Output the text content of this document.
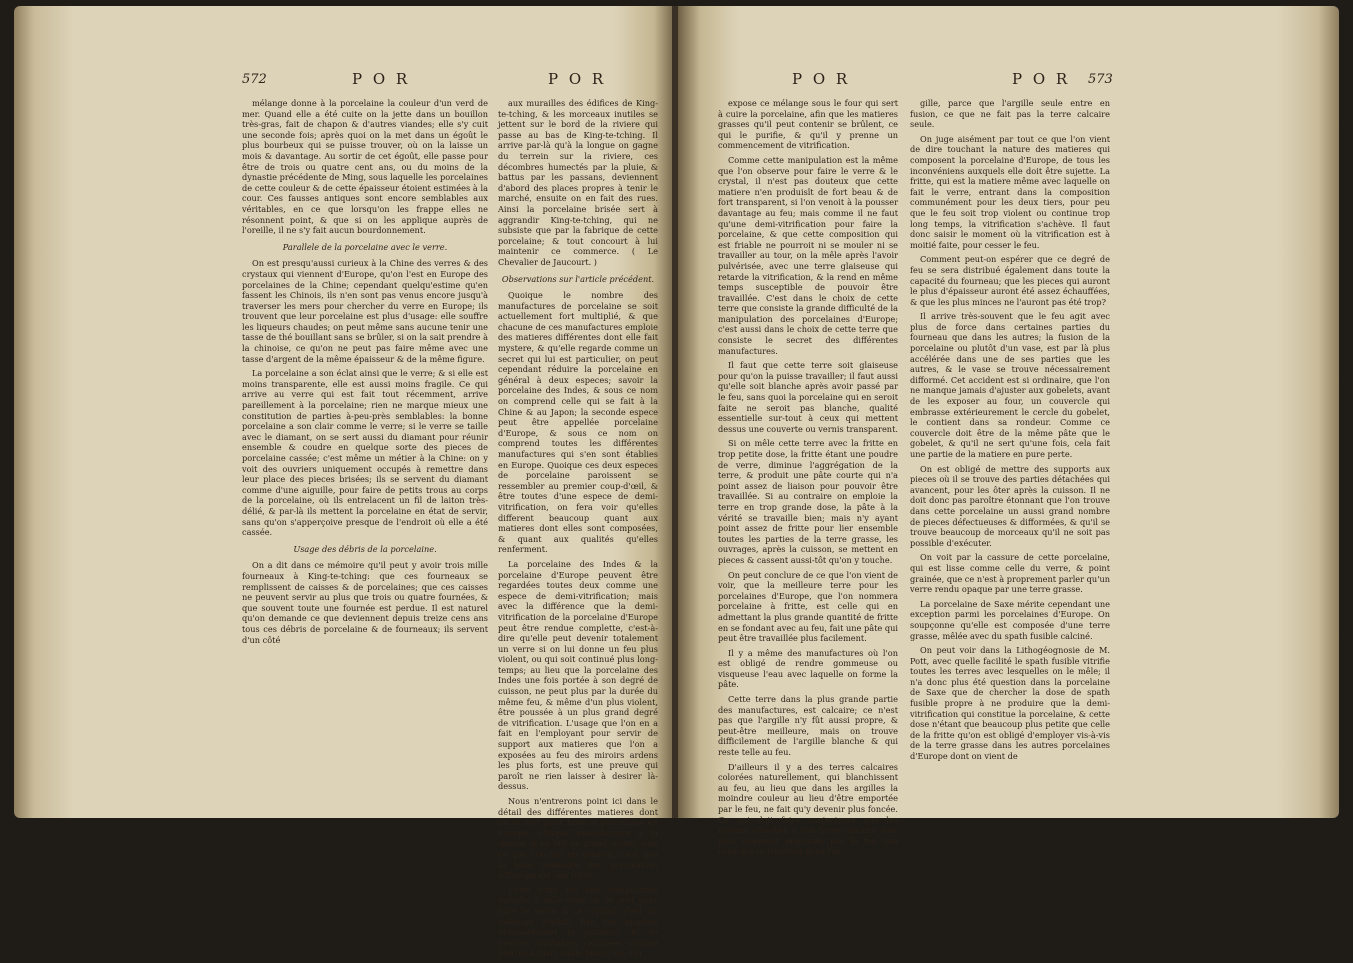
572	P O R	P O R

mélange donne à la porcelaine la couleur d'un verd de mer. Quand elle a été cuite on la jette dans un bouillon très-gras, fait de chapon & d'autres viandes; elle s'y cuit une seconde fois; après quoi on la met dans un égoût le plus bourbeux qui se puisse trouver, où on la laisse un mois & davantage. Au sortir de cet égoût, elle passe pour être de trois ou quatre cent ans, ou du moins de la dynastie précédente de Ming, sous laquelle les porcelaines de cette couleur & de cette épaisseur étoient estimées à la cour. Ces fausses antiques sont encore semblables aux véritables, en ce que lorsqu'on les frappe elles ne résonnent point, & que si on les applique auprès de l'oreille, il ne s'y fait aucun bourdonnement.

Parallele de la porcelaine avec le verre.

On est presqu'aussi curieux à la Chine des verres & des crystaux qui viennent d'Europe, qu'on l'est en Europe des porcelaines de la Chine; cependant quelqu'estime qu'en fassent les Chinois, ils n'en sont pas venus encore jusqu'à traverser les mers pour chercher du verre en Europe; ils trouvent que leur porcelaine est plus d'usage: elle souffre les liqueurs chaudes; on peut même sans aucune tenir une tasse de thé bouillant sans se brûler, si on la sait prendre à la chinoise, ce qu'on ne peut pas faire même avec une tasse d'argent de la même épaisseur & de la même figure.

La porcelaine a son éclat ainsi que le verre; & si elle est moins transparente, elle est aussi moins fragile. Ce qui arrive au verre qui est fait tout récemment, arrive pareillement à la porcelaine; rien ne marque mieux une constitution de parties à-peu-près semblables: la bonne porcelaine a son clair comme le verre; si le verre se taille avec le diamant, on se sert aussi du diamant pour réunir ensemble & coudre en quelque sorte des pieces de porcelaine cassée; c'est même un métier à la Chine: on y voit des ouvriers uniquement occupés à remettre dans leur place des pieces brisées; ils se servent du diamant comme d'une aiguille, pour faire de petits trous au corps de la porcelaine, où ils entrelacent un fil de laiton très-délié, & par-là ils mettent la porcelaine en état de servir, sans qu'on s'apperçoive presque de l'endroit où elle a été cassée.

Usage des débris de la porcelaine.

On a dit dans ce mémoire qu'il peut y avoir trois mille fourneaux à King-te-tching: que ces fourneaux se remplissent de caisses & de porcelaines; que ces caisses ne peuvent servir au plus que trois ou quatre fournées, & que souvent toute une fournée est perdue. Il est naturel qu'on demande ce que deviennent depuis treize cens ans tous ces débris de porcelaine & de fourneaux; ils servent d'un côté

aux murailles des édifices de King-te-tching, & les morceaux inutiles se jettent sur le bord de la riviere qui passe au bas de King-te-tching. Il arrive par-là qu'à la longue on gagne du terrein sur la riviere, ces décombres humectés par la pluie, & battus par les passans, deviennent d'abord des places propres à tenir le marché, ensuite on en fait des rues. Ainsi la porcelaine brisée sert à aggrandir King-te-tching, qui ne subsiste que par la fabrique de cette porcelaine; & tout concourt à lui maintenir ce commerce. ( Le Chevalier de Jaucourt. )

Observations sur l'article précédent.

Quoique le nombre des manufactures de porcelaine se soit actuellement fort multiplié, & que chacune de ces manufactures emploie des matieres différentes dont elle fait mystere, & qu'elle regarde comme un secret qui lui est particulier, on peut cependant réduire la porcelaine en général à deux especes; savoir la porcelaine des Indes, & sous ce nom on comprend celle qui se fait à la Chine & au Japon; la seconde espece peut être appellée porcelaine d'Europe, & sous ce nom on comprend toutes les différentes manufactures qui s'en sont établies en Europe. Quoique ces deux especes de porcelaine paroissent se ressembler au premier coup-d'œil, & être toutes d'une espece de demi-vitrification, on fera voir qu'elles different beaucoup quant aux matieres dont elles sont composées, & quant aux qualités qu'elles renferment.

La porcelaine des Indes & la porcelaine d'Europe peuvent être regardées toutes deux comme une espece de demi-vitrification; mais avec la différence que la demi-vitrification de la porcelaine d'Europe peut être rendue complette, c'est-à-dire qu'elle peut devenir totalement un verre si on lui donne un feu plus violent, ou qui soit continué plus long-temps; au lieu que la porcelaine des Indes une fois portée à son degré de cuisson, ne peut plus par la durée du même feu, & même d'un plus violent, être poussée à un plus grand degré de vitrification. L'usage que l'on en a fait en l'employant pour servir de support aux matieres que l'on a exposées au feu des miroirs ardens les plus forts, est une preuve qui paroît ne rien laisser à desirer là-dessus.

Nous n'entrerons point ici dans le détail des différentes matieres dont on se sert pour faire la porcelaine en Europe; chaque manufacture a la sienne, & en fait un grand secret; tout ce que l'on fait en général, c'est que la base ordinaire des porcelaines d'Europe est une fritte.

Cette fritte est une composition pareille à celle dont on se sert pour faire le verre & le crystal: c'est un mélange d'alkali fixe (on emploie ordinairement la potasse), & de pierres vitrifiables calcinées comme pierres à fusil, sable blanc, &c. On

P O R	P O R 573

expose ce mélange sous le four qui sert à cuire la porcelaine, afin que les matieres grasses qu'il peut contenir se brûlent, ce qui le purifie, & qu'il y prenne un commencement de vitrification.

Comme cette manipulation est la même que l'on observe pour faire le verre & le crystal, il n'est pas douteux que cette matiere n'en produisît de fort beau & de fort transparent, si l'on venoit à la pousser davantage au feu; mais comme il ne faut qu'une demi-vitrification pour faire la porcelaine, & que cette composition qui est friable ne pourroit ni se mouler ni se travailler au tour, on la mêle après l'avoir pulvérisée, avec une terre glaiseuse qui retarde la vitrification, & la rend en même temps susceptible de pouvoir être travaillée. C'est dans le choix de cette terre que consiste la grande difficulté de la manipulation des porcelaines d'Europe; c'est aussi dans le choix de cette terre que consiste le secret des différentes manufactures.

Il faut que cette terre soit glaiseuse pour qu'on la puisse travailler; il faut aussi qu'elle soit blanche après avoir passé par le feu, sans quoi la porcelaine qui en seroit faite ne seroit pas blanche, qualité essentielle sur-tout à ceux qui mettent dessus une couverte ou vernis transparent.

Si on mêle cette terre avec la fritte en trop petite dose, la fritte étant une poudre de verre, diminue l'aggrégation de la terre, & produit une pâte courte qui n'a point assez de liaison pour pouvoir être travaillée. Si au contraire on emploie la terre en trop grande dose, la pâte à la vérité se travaille bien; mais n'y ayant point assez de fritte pour lier ensemble toutes les parties de la terre grasse, les ouvrages, après la cuisson, se mettent en pieces & cassent aussi-tôt qu'on y touche.

On peut conclure de ce que l'on vient de voir, que la meilleure terre pour les porcelaines d'Europe, que l'on nommera porcelaine à fritte, est celle qui en admettant la plus grande quantité de fritte en se fondant avec au feu, fait une pâte qui peut être travaillée plus facilement.

Il y a même des manufactures où l'on est obligé de rendre gommeuse ou visqueuse l'eau avec laquelle on forme la pâte.

Cette terre dans la plus grande partie des manufactures, est calcaire; ce n'est pas que l'argille n'y fût aussi propre, & peut-être meilleure, mais on trouve difficilement de l'argille blanche & qui reste telle au feu.

D'ailleurs il y a des terres calcaires colorées naturellement, qui blanchissent au feu, au lieu que dans les argilles la moindre couleur au lieu d'être emportée par le feu, ne fait qu'y devenir plus foncée. Ce qui doit faire conjecturer que les métaux attachés à une terre calcaire sont plus aisément emportés par le feu que ceux qui se trouvent dans l'ar-

gille, parce que l'argille seule entre en fusion, ce que ne fait pas la terre calcaire seule.

On juge aisément par tout ce que l'on vient de dire touchant la nature des matieres qui composent la porcelaine d'Europe, de tous les inconvéniens auxquels elle doit être sujette. La fritte, qui est la matiere même avec laquelle on fait le verre, entrant dans la composition communément pour les deux tiers, pour peu que le feu soit trop violent ou continue trop long temps, la vitrification s'achève. Il faut donc saisir le moment où la vitrification est à moitié faite, pour cesser le feu.

Comment peut-on espérer que ce degré de feu se sera distribué également dans toute la capacité du fourneau; que les pieces qui auront le plus d'épaisseur auront été assez échauffées, & que les plus minces ne l'auront pas été trop?

Il arrive très-souvent que le feu agit avec plus de force dans certaines parties du fourneau que dans les autres; la fusion de la porcelaine ou plutôt d'un vase, est par là plus accélérée dans une de ses parties que les autres, & le vase se trouve nécessairement difformé. Cet accident est si ordinaire, que l'on ne manque jamais d'ajuster aux gobelets, avant de les exposer au four, un couvercle qui embrasse extérieurement le cercle du gobelet, le contient dans sa rondeur. Comme ce couvercle doit être de la même pâte que le gobelet, & qu'il ne sert qu'une fois, cela fait une partie de la matiere en pure perte.

On est obligé de mettre des supports aux pieces où il se trouve des parties détachées qui avancent, pour les ôter après la cuisson. Il ne doit donc pas paroître étonnant que l'on trouve dans cette porcelaine un aussi grand nombre de pieces défectueuses & difformées, & qu'il se trouve beaucoup de morceaux qu'il ne soit pas possible d'exécuter.

On voit par la cassure de cette porcelaine, qui est lisse comme celle du verre, & point grainée, que ce n'est à proprement parler qu'un verre rendu opaque par une terre grasse.

La porcelaine de Saxe mérite cependant une exception parmi les porcelaines d'Europe. On soupçonne qu'elle est composée d'une terre grasse, mêlée avec du spath fusible calciné.

On peut voir dans la Lithogéognosie de M. Pott, avec quelle facilité le spath fusible vitrifie toutes les terres avec lesquelles on le mêle; il n'a donc plus été question dans la porcelaine de Saxe que de chercher la dose de spath fusible propre à ne produire que la demi-vitrification qui constitue la porcelaine, & cette dose n'étant que beaucoup plus petite que celle de la fritte qu'on est obligé d'employer vis-à-vis de la terre grasse dans les autres porcelaines d'Europe dont on vient de
